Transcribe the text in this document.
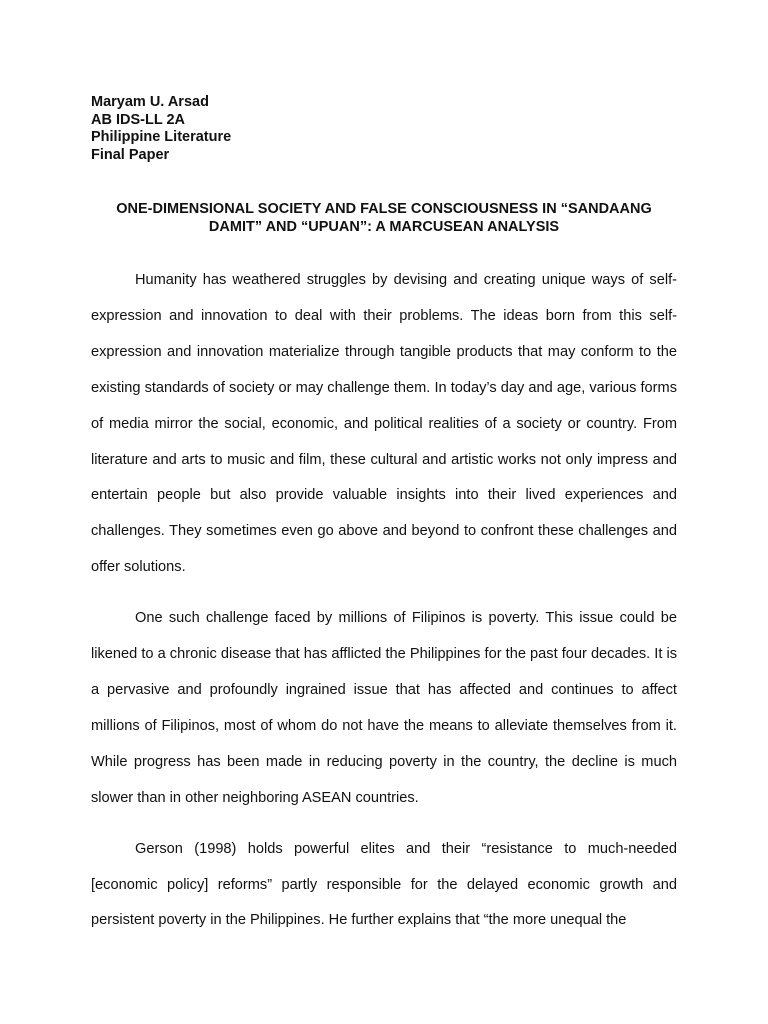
Maryam U. Arsad
AB IDS-LL 2A
Philippine Literature
Final Paper
ONE-DIMENSIONAL SOCIETY AND FALSE CONSCIOUSNESS IN “SANDAANG DAMIT” AND “UPUAN”: A MARCUSEAN ANALYSIS

Humanity has weathered struggles by devising and creating unique ways of self-expression and innovation to deal with their problems. The ideas born from this self-expression and innovation materialize through tangible products that may conform to the existing standards of society or may challenge them. In today’s day and age, various forms of media mirror the social, economic, and political realities of a society or country. From literature and arts to music and film, these cultural and artistic works not only impress and entertain people but also provide valuable insights into their lived experiences and challenges. They sometimes even go above and beyond to confront these challenges and offer solutions.

One such challenge faced by millions of Filipinos is poverty. This issue could be likened to a chronic disease that has afflicted the Philippines for the past four decades. It is a pervasive and profoundly ingrained issue that has affected and continues to affect millions of Filipinos, most of whom do not have the means to alleviate themselves from it. While progress has been made in reducing poverty in the country, the decline is much slower than in other neighboring ASEAN countries.

Gerson (1998) holds powerful elites and their “resistance to much-needed [economic policy] reforms” partly responsible for the delayed economic growth and persistent poverty in the Philippines. He further explains that “the more unequal the
